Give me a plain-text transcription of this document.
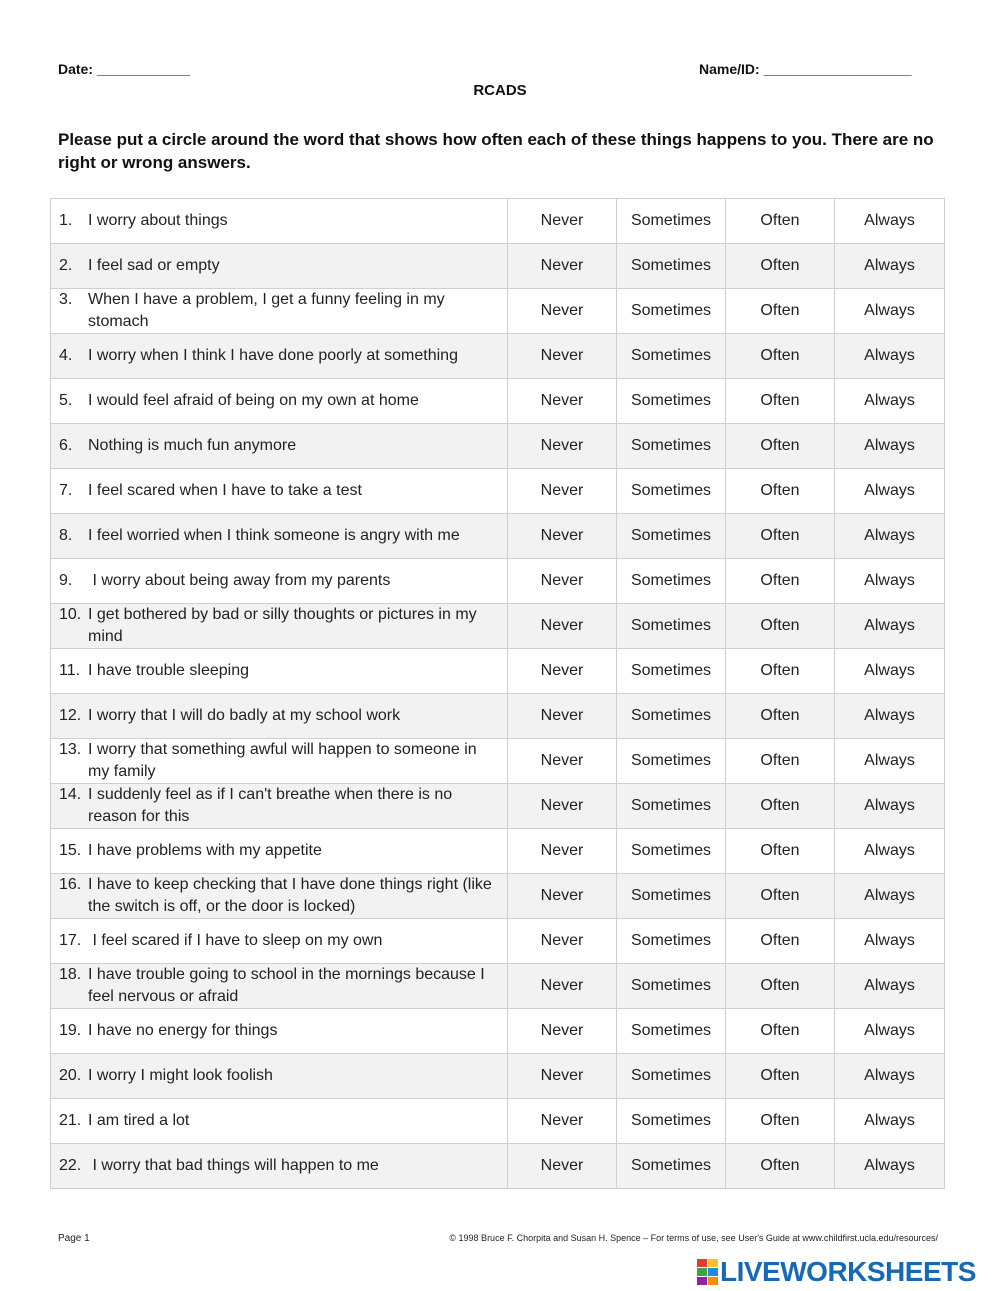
Date: ____________	Name/ID: ___________________
RCADS
Please put a circle around the word that shows how often each of these things happens to you. There are no right or wrong answers.
1. I worry about things	Never	Sometimes	Often	Always

2. I feel sad or empty	Never	Sometimes	Often	Always

3. When I have a problem, I get a funny feeling in my stomach	Never	Sometimes	Often	Always

4. I worry when I think I have done poorly at something	Never	Sometimes	Often	Always

5. I would feel afraid of being on my own at home	Never	Sometimes	Often	Always

6. Nothing is much fun anymore	Never	Sometimes	Often	Always

7. I feel scared when I have to take a test	Never	Sometimes	Often	Always

8. I feel worried when I think someone is angry with me	Never	Sometimes	Often	Always

9. I worry about being away from my parents	Never	Sometimes	Often	Always

10. I get bothered by bad or silly thoughts or pictures in my mind	Never	Sometimes	Often	Always

11. I have trouble sleeping	Never	Sometimes	Often	Always

12. I worry that I will do badly at my school work	Never	Sometimes	Often	Always

13. I worry that something awful will happen to someone in my family	Never	Sometimes	Often	Always

14. I suddenly feel as if I can't breathe when there is no reason for this	Never	Sometimes	Often	Always

15. I have problems with my appetite	Never	Sometimes	Often	Always

16. I have to keep checking that I have done things right (like the switch is off, or the door is locked)	Never	Sometimes	Often	Always

17. I feel scared if I have to sleep on my own	Never	Sometimes	Often	Always

18. I have trouble going to school in the mornings because I feel nervous or afraid	Never	Sometimes	Often	Always

19. I have no energy for things	Never	Sometimes	Often	Always

20. I worry I might look foolish	Never	Sometimes	Often	Always

21. I am tired a lot	Never	Sometimes	Often	Always

22. I worry that bad things will happen to me	Never	Sometimes	Often	Always
Page 1	© 1998 Bruce F. Chorpita and Susan H. Spence – For terms of use, see User's Guide at www.childfirst.ucla.edu/resources/
LIVEWORKSHEETS
